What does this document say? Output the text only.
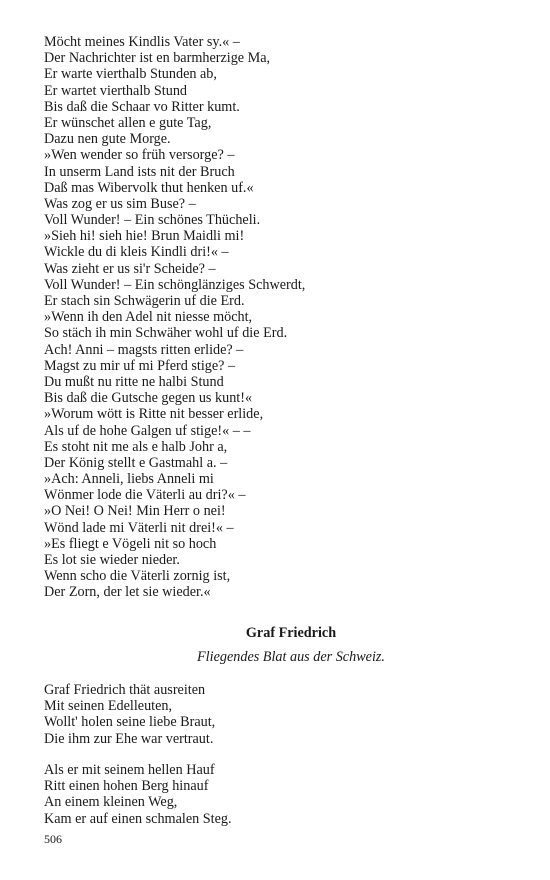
Möcht meines Kindlis Vater sy.« –
Der Nachrichter ist en barmherzige Ma,
Er warte vierthalb Stunden ab,
Er wartet vierthalb Stund
Bis daß die Schaar vo Ritter kumt.
Er wünschet allen e gute Tag,
Dazu nen gute Morge.
»Wen wender so früh versorge? –
In unserm Land ists nit der Bruch
Daß mas Wibervolk thut henken uf.«
Was zog er us sim Buse? –
Voll Wunder! – Ein schönes Thücheli.
»Sieh hi! sieh hie! Brun Maidli mi!
Wickle du di kleis Kindli dri!« –
Was zieht er us si'r Scheide? –
Voll Wunder! – Ein schönglänziges Schwerdt,
Er stach sin Schwägerin uf die Erd.
»Wenn ih den Adel nit niesse möcht,
So stäch ih min Schwäher wohl uf die Erd.
Ach! Anni – magsts ritten erlide? –
Magst zu mir uf mi Pferd stige? –
Du mußt nu ritte ne halbi Stund
Bis daß die Gutsche gegen us kunt!«
»Worum wött is Ritte nit besser erlide,
Als uf de hohe Galgen uf stige!« – –
Es stoht nit me als e halb Johr a,
Der König stellt e Gastmahl a. –
»Ach: Anneli, liebs Anneli mi
Wönmer lode die Väterli au dri?« –
»O Nei! O Nei! Min Herr o nei!
Wönd lade mi Väterli nit drei!« –
»Es fliegt e Vögeli nit so hoch
Es lot sie wieder nieder.
Wenn scho die Väterli zornig ist,
Der Zorn, der let sie wieder.«
Graf Friedrich
Fliegendes Blat aus der Schweiz.
Graf Friedrich thät ausreiten
Mit seinen Edelleuten,
Wollt' holen seine liebe Braut,
Die ihm zur Ehe war vertraut.
Als er mit seinem hellen Hauf
Ritt einen hohen Berg hinauf
An einem kleinen Weg,
Kam er auf einen schmalen Steg.
506
